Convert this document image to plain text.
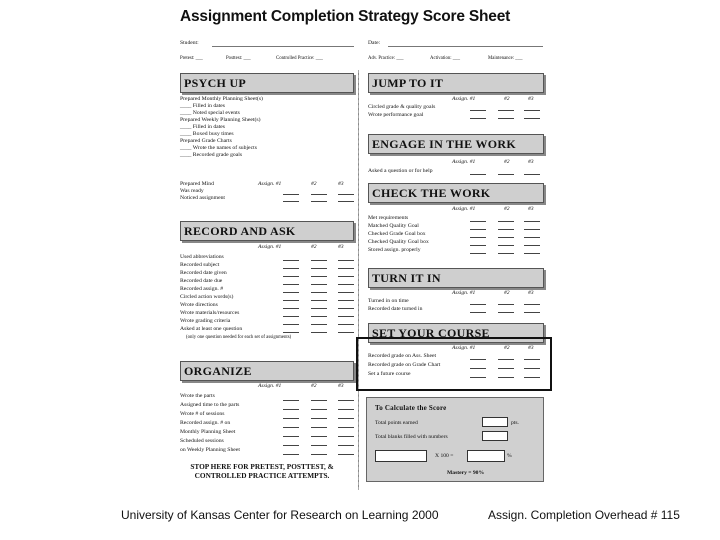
Assignment Completion Strategy Score Sheet
Student:	Date:
Pretest: ___	Posttest: ___	Controlled Practice: ___	Adv. Practice: ___	Activation: ___	Maintenance: ___
PSYCH UP
Prepared Monthly Planning Sheet(s)
____ Filled in dates
____ Noted special events
Prepared Weekly Planning Sheet(s)
____ Filled in dates
____ Boxed busy times
Prepared Grade Charts
____ Wrote the names of subjects
____ Recorded grade goals
Prepared Mind
Was ready
Noticed assignment
Assign. #1	#2	#3
RECORD AND ASK
Assign. #1	#2	#3
Used abbreviations
Recorded subject
Recorded date given
Recorded date due
Recorded assign. #
Circled action words(s)
Wrote directions
Wrote materials/resources
Wrote grading criteria
Asked at least one question
(only one question needed for each set of assignments)
ORGANIZE
Assign. #1	#2	#3
Wrote the parts
Assigned time to the parts
Wrote # of sessions
Recorded assign. # on
Monthly Planning Sheet
Scheduled sessions
on Weekly Planning Sheet
STOP HERE FOR PRETEST, POSTTEST, & CONTROLLED PRACTICE ATTEMPTS.
JUMP TO IT
Assign. #1	#2	#3
Circled grade & quality goals
Wrote performance goal
ENGAGE IN THE WORK
Assign. #1	#2	#3
Asked a question or for help
CHECK THE WORK
Assign. #1	#2	#3
Met requirements
Matched Quality Goal
Checked Grade Goal box
Checked Quality Goal box
Stored assign. properly
TURN IT IN
Assign. #1	#2	#3
Turned in on time
Recorded date turned in
SET YOUR COURSE
Assign. #1	#2	#3
Recorded grade on Ass. Sheet
Recorded grade on Grade Chart
Set a future course
To Calculate the Score
Total points earned	pts.
Total blanks filled with numbers
X 100 =	%
Mastery = 90%
University of Kansas Center for Research on Learning 2000	Assign. Completion Overhead # 115
